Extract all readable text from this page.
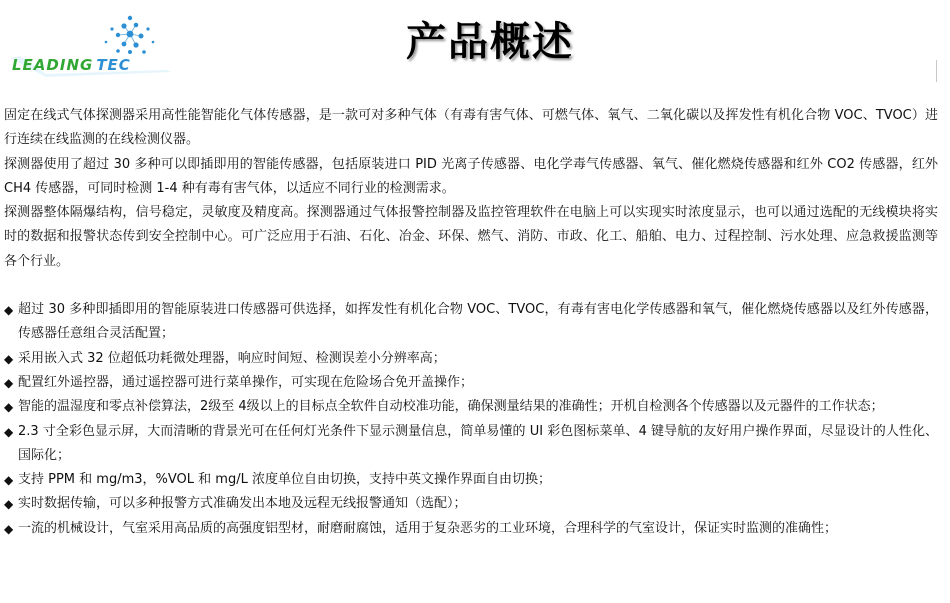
LEADING TEC	产品概述

固定在线式气体探测器采用高性能智能化气体传感器，是一款可对多种气体（有毒有害气体、可燃气体、氧气、二氧化碳以及挥发性有机化合物 VOC、TVOC）进行连续在线监测的在线检测仪器。

探测器使用了超过 30 多种可以即插即用的智能传感器，包括原装进口 PID 光离子传感器、电化学毒气传感器、氧气、催化燃烧传感器和红外 CO2 传感器，红外 CH4 传感器，可同时检测 1-4 种有毒有害气体，以适应不同行业的检测需求。

探测器整体隔爆结构，信号稳定，灵敏度及精度高。探测器通过气体报警控制器及监控管理软件在电脑上可以实现实时浓度显示，也可以通过选配的无线模块将实时的数据和报警状态传到安全控制中心。可广泛应用于石油、石化、冶金、环保、燃气、消防、市政、化工、船舶、电力、过程控制、污水处理、应急救援监测等各个行业。

◆ 超过 30 多种即插即用的智能原装进口传感器可供选择，如挥发性有机化合物 VOC、TVOC，有毒有害电化学传感器和氧气，催化燃烧传感器以及红外传感器，传感器任意组合灵活配置；
◆ 采用嵌入式 32 位超低功耗微处理器，响应时间短、检测误差小分辨率高；
◆ 配置红外遥控器，通过遥控器可进行菜单操作，可实现在危险场合免开盖操作；
◆ 智能的温湿度和零点补偿算法，2级至 4级以上的目标点全软件自动校准功能，确保测量结果的准确性；开机自检测各个传感器以及元器件的工作状态；
◆ 2.3 寸全彩色显示屏，大而清晰的背景光可在任何灯光条件下显示测量信息，简单易懂的 UI 彩色图标菜单、4 键导航的友好用户操作界面，尽显设计的人性化、国际化；
◆ 支持 PPM 和 mg/m3，%VOL 和 mg/L 浓度单位自由切换，支持中英文操作界面自由切换；
◆ 实时数据传输，可以多种报警方式准确发出本地及远程无线报警通知（选配）；
◆ 一流的机械设计，气室采用高品质的高强度铝型材，耐磨耐腐蚀，适用于复杂恶劣的工业环境，合理科学的气室设计，保证实时监测的准确性；
